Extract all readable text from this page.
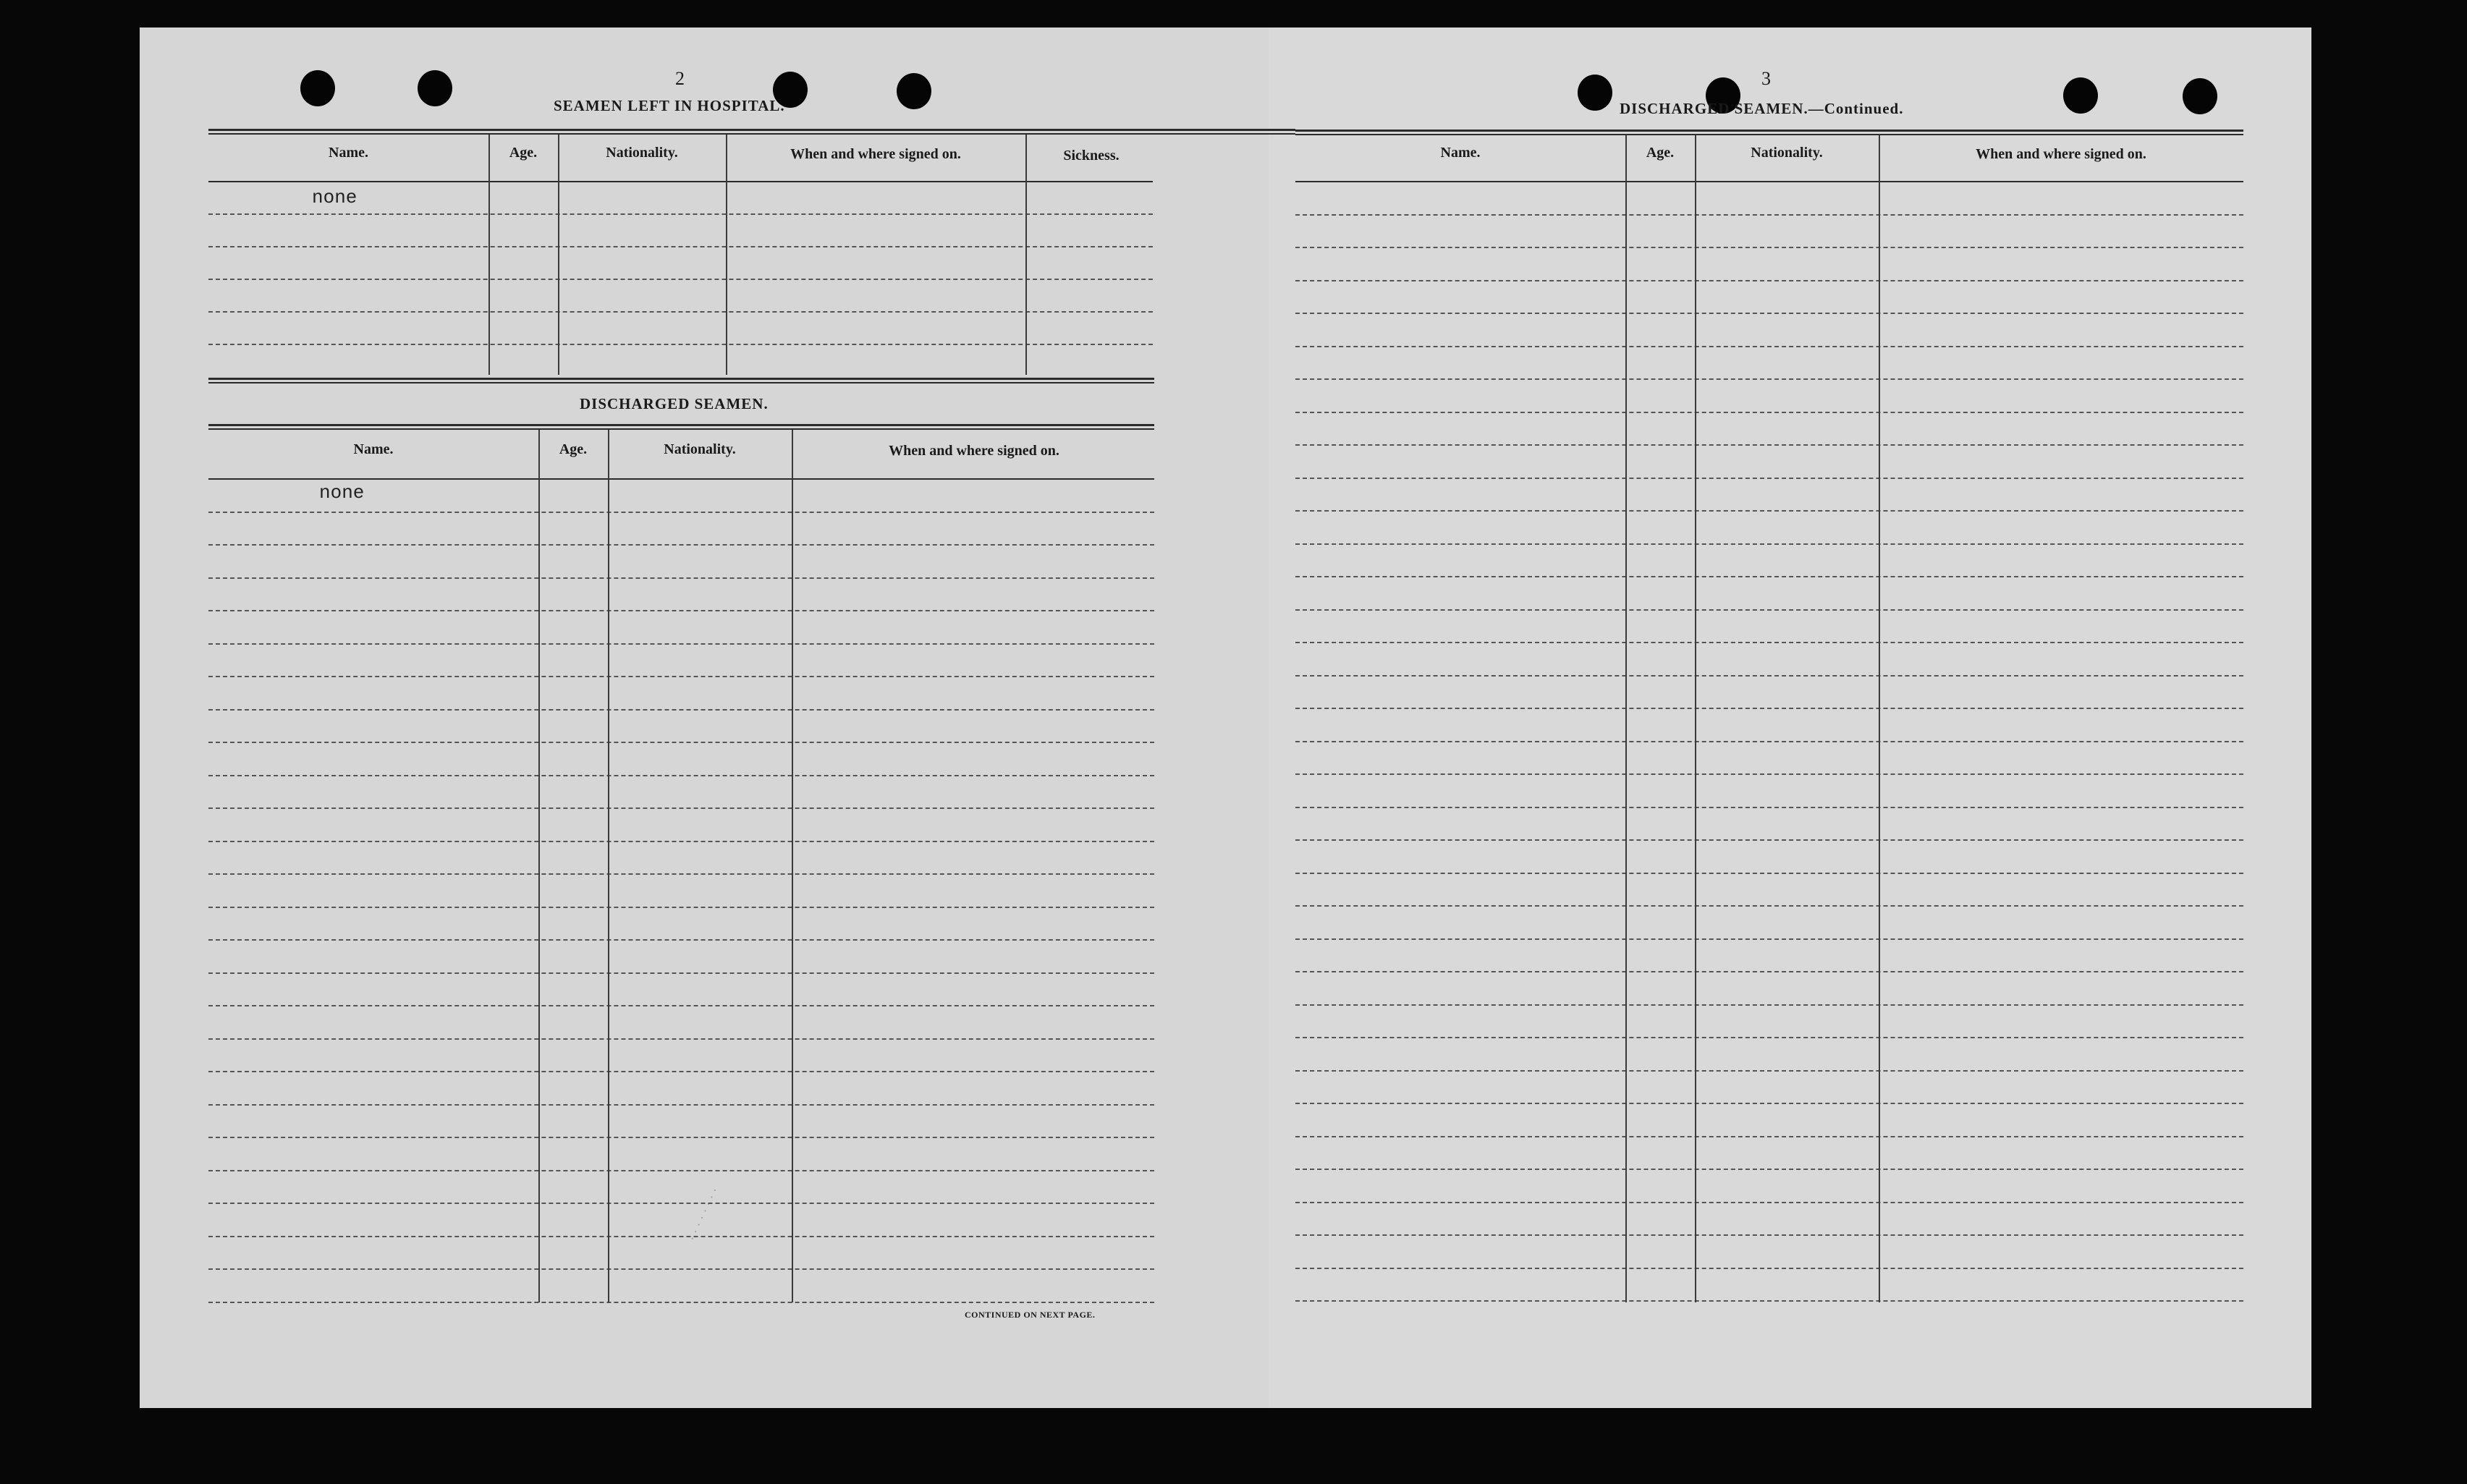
2
SEAMEN LEFT IN HOSPITAL.
Name.	Age.	Nationality.	When and where signed on.	Sickness.
none
DISCHARGED SEAMEN.
Name.	Age.	Nationality.	When and where signed on.
none
CONTINUED ON NEXT PAGE.
· · · · · · · ·
3
DISCHARGED SEAMEN.—Continued.
Name.	Age.	Nationality.	When and where signed on.
